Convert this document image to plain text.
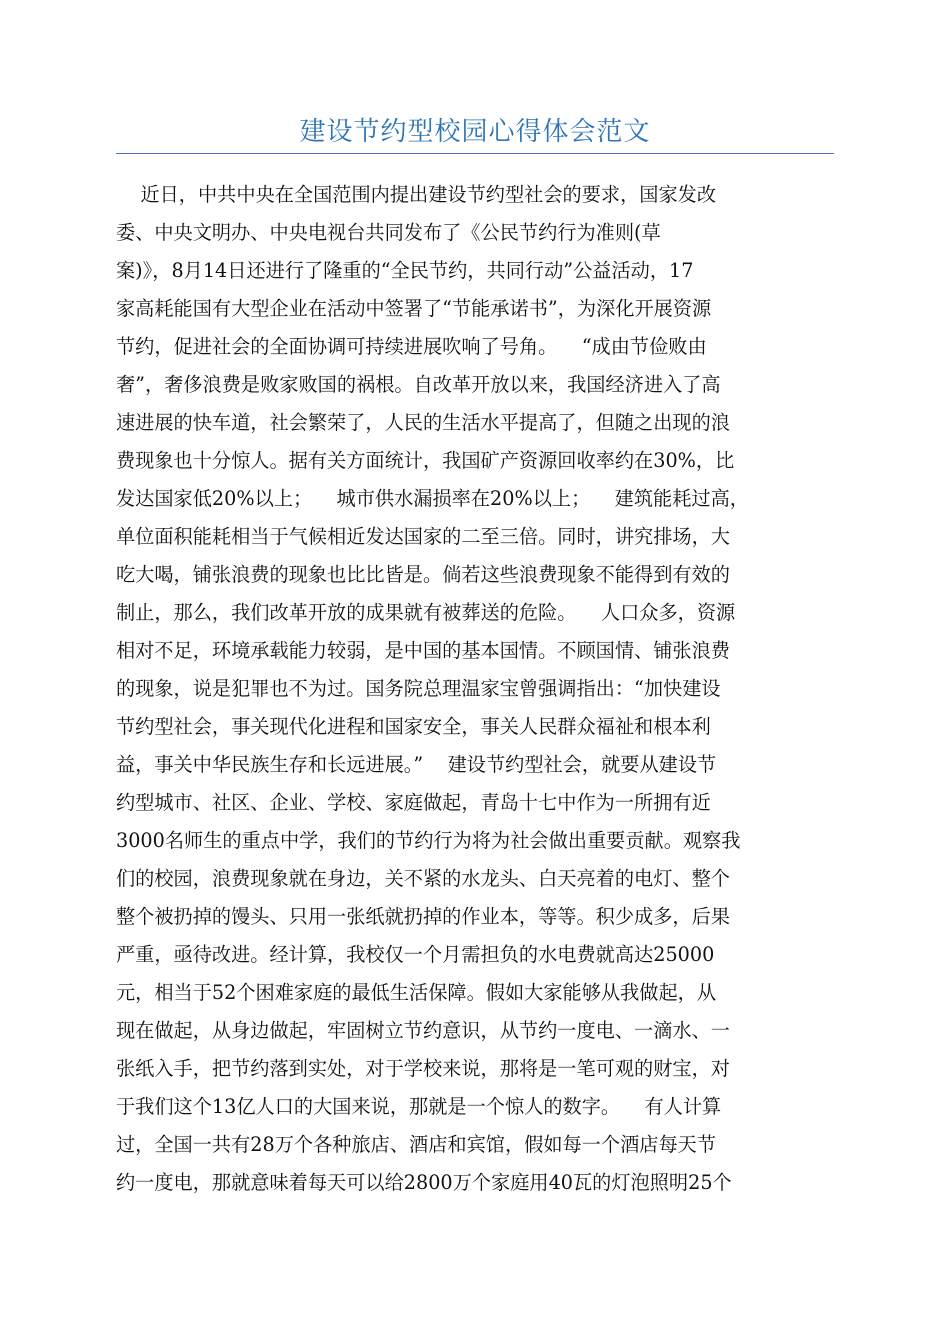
建设节约型校园心得体会范文
近日，中共中央在全国范围内提出建设节约型社会的要求，国家发改
委、中央文明办、中央电视台共同发布了《公民节约行为准则(草
案)》，8月14日还进行了隆重的“全民节约，共同行动”公益活动，17
家高耗能国有大型企业在活动中签署了“节能承诺书”，为深化开展资源
节约，促进社会的全面协调可持续进展吹响了号角。    “成由节俭败由
奢”，奢侈浪费是败家败国的祸根。自改革开放以来，我国经济进入了高
速进展的快车道，社会繁荣了，人民的生活水平提高了，但随之出现的浪
费现象也十分惊人。据有关方面统计，我国矿产资源回收率约在30%，比
发达国家低20%以上；    城市供水漏损率在20%以上；    建筑能耗过高，
单位面积能耗相当于气候相近发达国家的二至三倍。同时，讲究排场，大
吃大喝，铺张浪费的现象也比比皆是。倘若这些浪费现象不能得到有效的
制止，那么，我们改革开放的成果就有被葬送的危险。    人口众多，资源
相对不足，环境承载能力较弱，是中国的基本国情。不顾国情、铺张浪费
的现象，说是犯罪也不为过。国务院总理温家宝曾强调指出：“加快建设
节约型社会，事关现代化进程和国家安全，事关人民群众福祉和根本利
益，事关中华民族生存和长远进展。”    建设节约型社会，就要从建设节
约型城市、社区、企业、学校、家庭做起，青岛十七中作为一所拥有近
3000名师生的重点中学，我们的节约行为将为社会做出重要贡献。观察我
们的校园，浪费现象就在身边，关不紧的水龙头、白天亮着的电灯、整个
整个被扔掉的馒头、只用一张纸就扔掉的作业本，等等。积少成多，后果
严重，亟待改进。经计算，我校仅一个月需担负的水电费就高达25000
元，相当于52个困难家庭的最低生活保障。假如大家能够从我做起，从
现在做起，从身边做起，牢固树立节约意识，从节约一度电、一滴水、一
张纸入手，把节约落到实处，对于学校来说，那将是一笔可观的财宝，对
于我们这个13亿人口的大国来说，那就是一个惊人的数字。    有人计算
过，全国一共有28万个各种旅店、酒店和宾馆，假如每一个酒店每天节
约一度电，那就意味着每天可以给2800万个家庭用40瓦的灯泡照明25个
